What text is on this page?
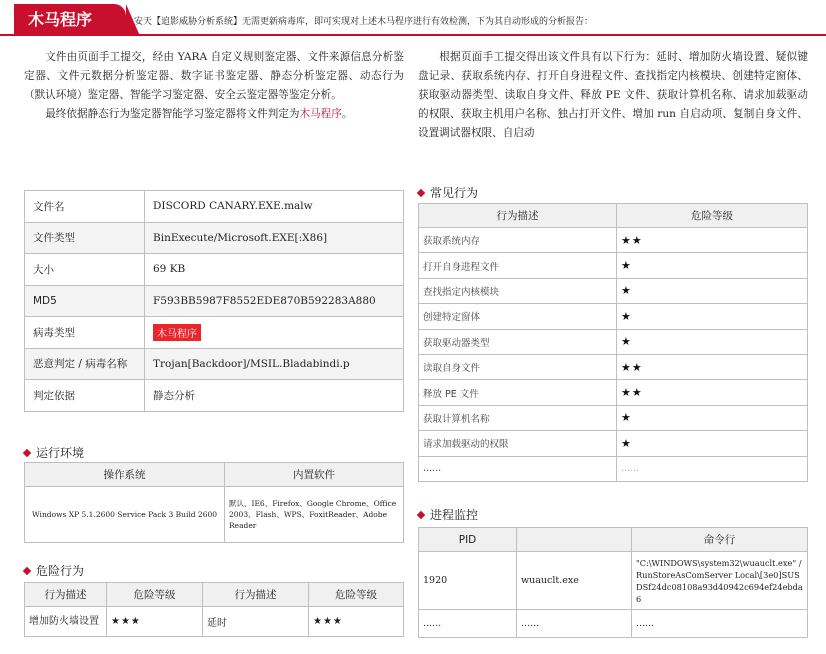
木马程序	安天【追影威胁分析系统】无需更新病毒库，即可实现对上述木马程序进行有效检测，下为其自动形成的分析报告：

文件由页面手工提交，经由 YARA 自定义规则鉴定器、文件来源信息分析鉴定器、文件元数据分析鉴定器、数字证书鉴定器、静态分析鉴定器、动态行为（默认环境）鉴定器、智能学习鉴定器、安全云鉴定器等鉴定分析。

最终依据静态行为鉴定器智能学习鉴定器将文件判定为木马程序。

根据页面手工提交得出该文件具有以下行为：延时、增加防火墙设置、疑似键盘记录、获取系统内存、打开自身进程文件、查找指定内核模块、创建特定窗体、获取驱动器类型、读取自身文件、释放 PE 文件、获取计算机名称、请求加载驱动的权限、获取主机用户名称、独占打开文件、增加 run 自启动项、复制自身文件、设置调试器权限、自启动

文件名	DISCORD CANARY.EXE.malw
文件类型	BinExecute/Microsoft.EXE[:X86]
大小	69 KB
MD5	F593BB5987F8552EDE870B592283A880
病毒类型	木马程序
恶意判定 / 病毒名称	Trojan[Backdoor]/MSIL.Bladabindi.p
判定依据	静态分析
运行环境
操作系统	内置软件
Windows XP 5.1.2600 Service Pack 3 Build 2600	默认、IE6、Firefox、Google Chrome、Office 2003、Flash、WPS、FoxitReader、Adobe Reader
危险行为
行为描述	危险等级	行为描述	危险等级
增加防火墙设置	★★★	延时	★★★
常见行为
行为描述	危险等级
获取系统内存	★★
打开自身进程文件	★
查找指定内核模块	★
创建特定窗体	★
获取驱动器类型	★
读取自身文件	★★
释放 PE 文件	★★
获取计算机名称	★
请求加载驱动的权限	★
......	......
进程监控
PID		命令行
1920	wuauclt.exe	"C:\WINDOWS\system32\wuauclt.exe" /RunStoreAsComServer Local\[3e0]SUSDSf24dc08108a93d40942c694ef24ebda6
......	......	......
